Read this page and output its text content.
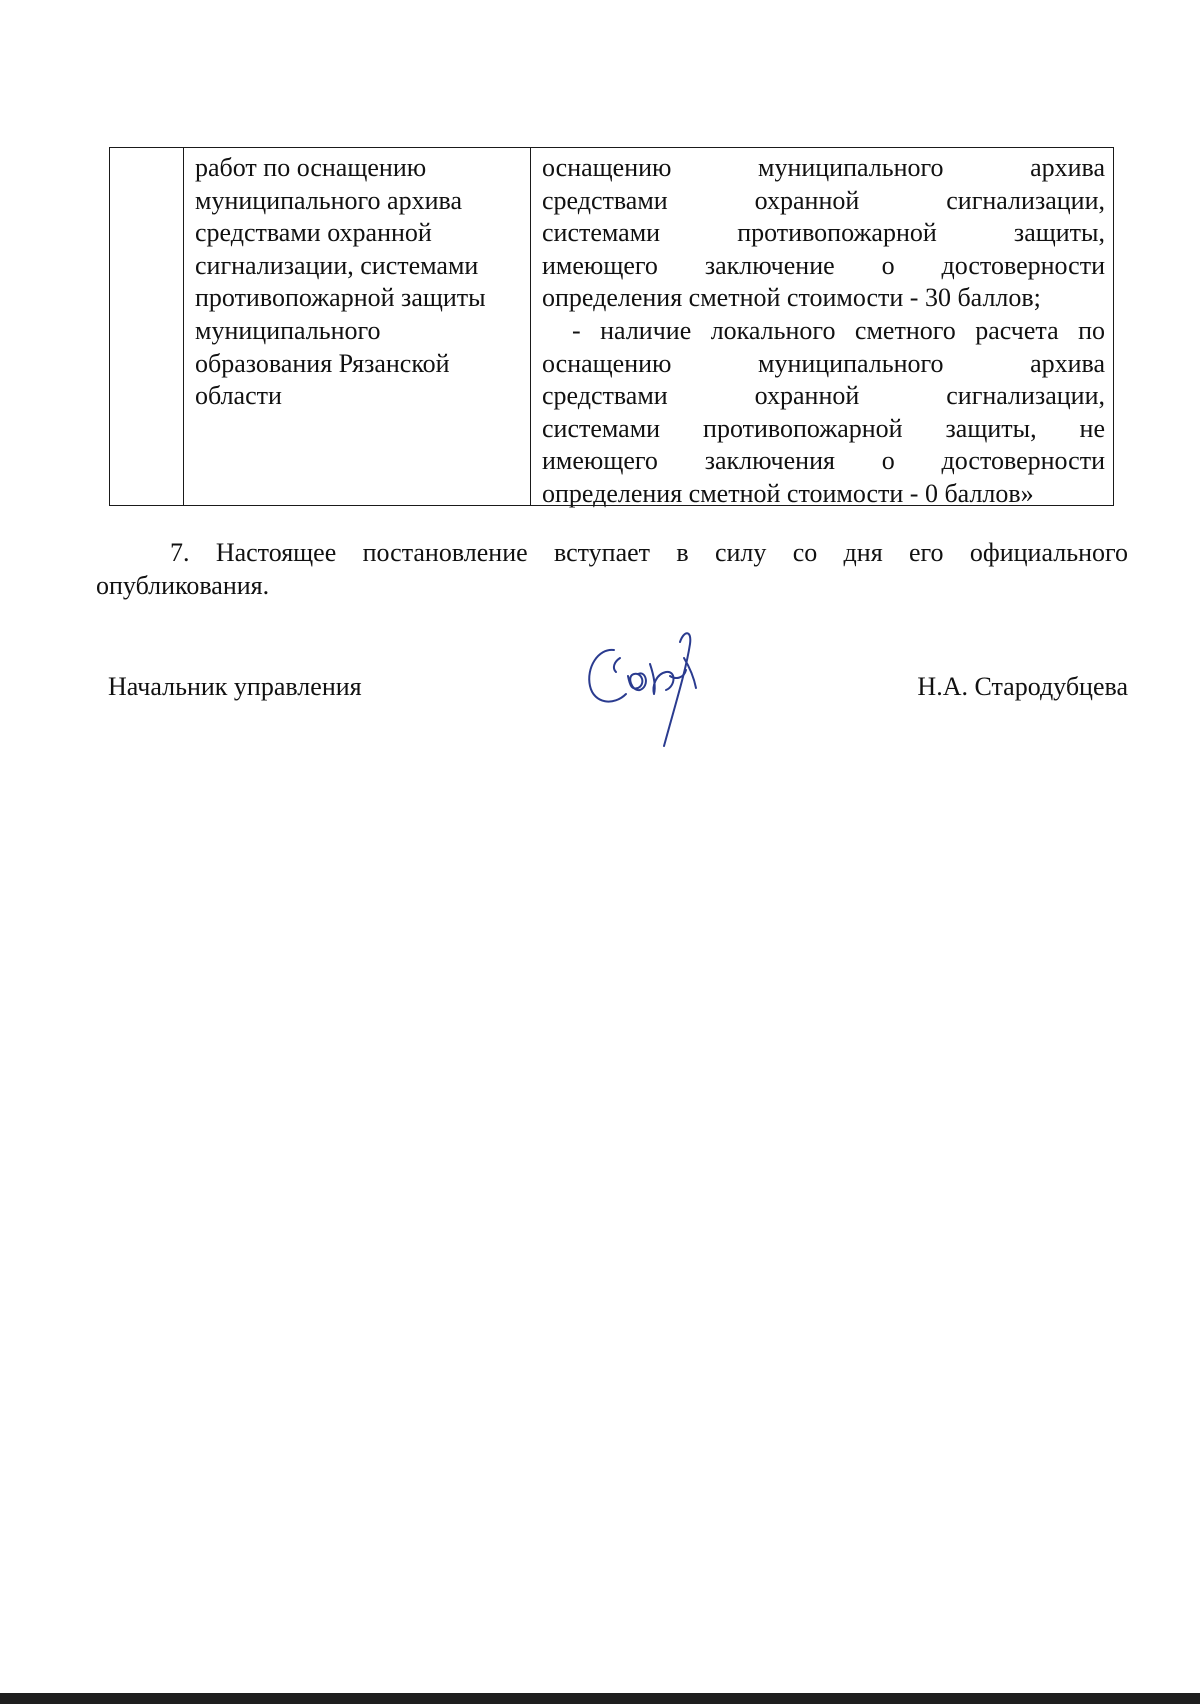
работ по оснащению
муниципального архива
средствами охранной
сигнализации, системами
противопожарной защиты
муниципального
образования Рязанской
области
оснащению муниципального архива
средствами охранной сигнализации,
системами противопожарной защиты,
имеющего заключение о достоверности
определения сметной стоимости - 30 баллов;
- наличие локального сметного расчета по
оснащению муниципального архива
средствами охранной сигнализации,
системами противопожарной защиты, не
имеющего заключения о достоверности
определения сметной стоимости - 0 баллов»
7. Настоящее постановление вступает в силу со дня его официального
опубликования.
Начальник управления	Н.А. Стародубцева
